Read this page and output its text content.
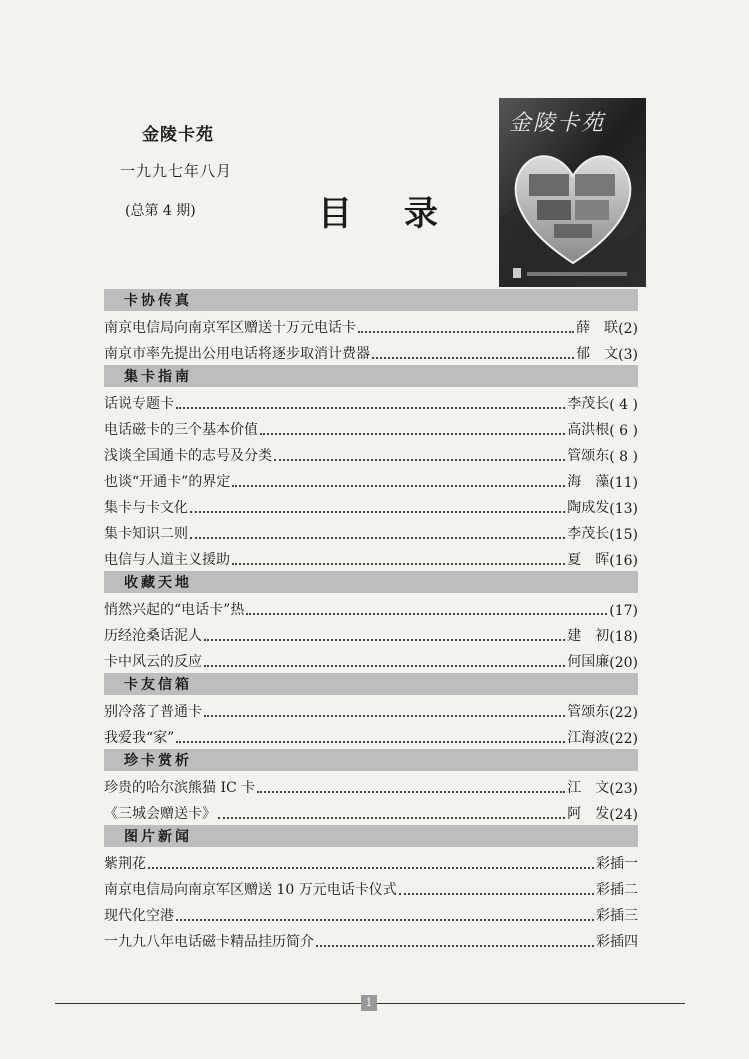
金陵卡苑
一九九七年八月
(总第 4 期)	目 录
金陵卡苑
卡协传真
南京电信局向南京军区赠送十万元电话卡	薛　联 (2)
南京市率先提出公用电话将逐步取消计费器	郁　文 (3)
集卡指南
话说专题卡	李茂长 ( 4 )
电话磁卡的三个基本价值	高洪根 ( 6 )
浅谈全国通卡的志号及分类	管颂东 ( 8 )
也谈“开通卡”的界定	海　藻 (11)
集卡与卡文化	陶成发 (13)
集卡知识二则	李茂长 (15)
电信与人道主义援助	夏　晖 (16)
收藏天地
悄然兴起的“电话卡”热	(17)
历经沧桑话泥人	建　初 (18)
卡中风云的反应	何国廉 (20)
卡友信箱
别冷落了普通卡	管颂东 (22)
我爱我“家”	江海波 (22)
珍卡赏析
珍贵的哈尔滨熊猫 IC 卡	江　文 (23)
《三城会赠送卡》	阿　发 (24)
图片新闻
紫荆花	彩插一
南京电信局向南京军区赠送 10 万元电话卡仪式	彩插二
现代化空港	彩插三
一九九八年电话磁卡精品挂历简介	彩插四
1
